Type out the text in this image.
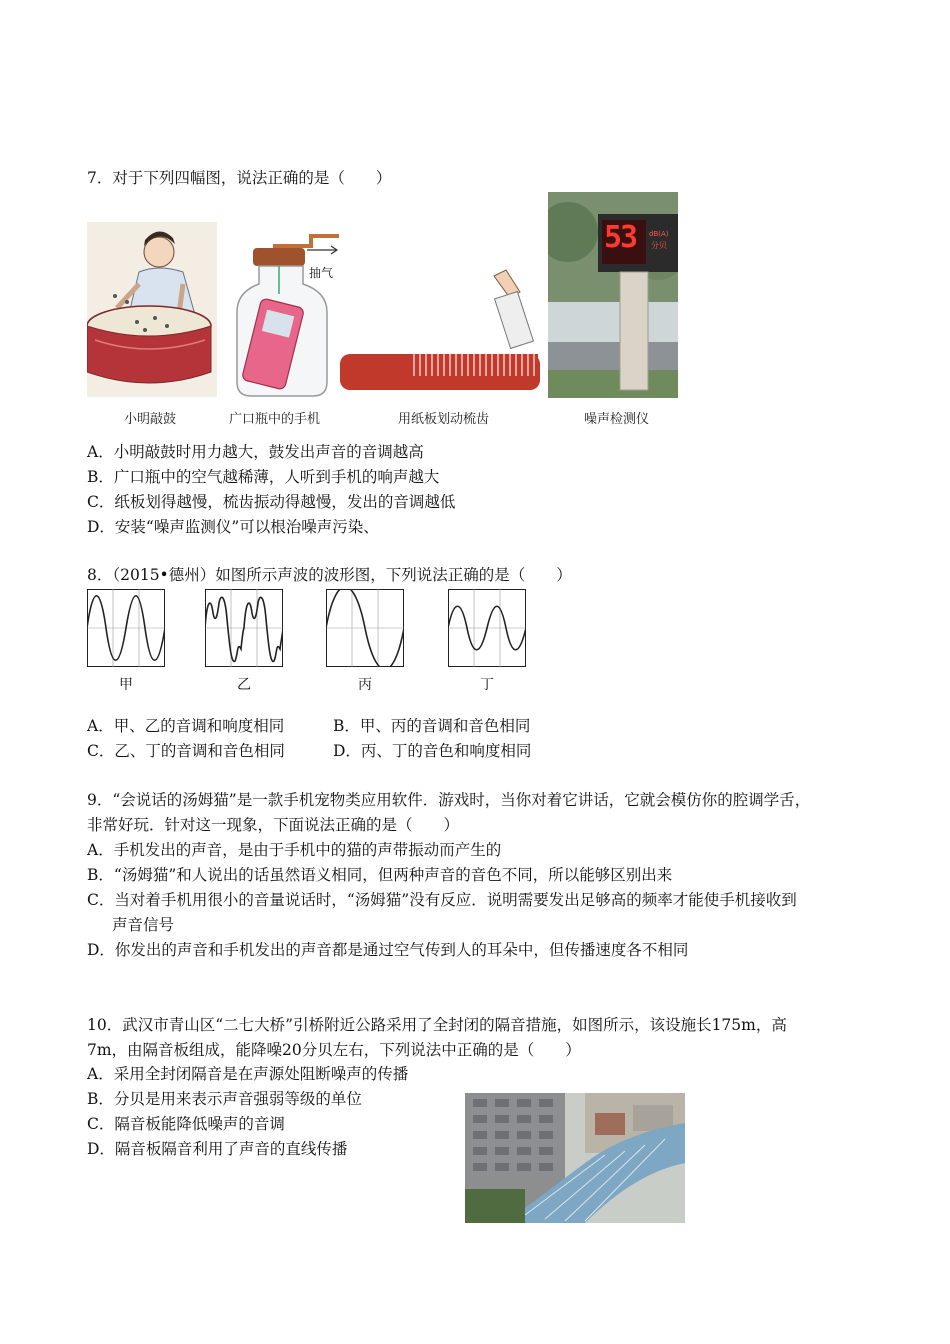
7．对于下列四幅图，说法正确的是（　　）
小明敲鼓
抽气
广口瓶中的手机	用纸板划动梳齿
53 dB(A)
分贝
噪声检测仪
A．小明敲鼓时用力越大，鼓发出声音的音调越高
B．广口瓶中的空气越稀薄，人听到手机的响声越大
C．纸板划得越慢，梳齿振动得越慢，发出的音调越低
D．安装“噪声监测仪”可以根治噪声污染、
8．（2015•德州）如图所示声波的波形图，下列说法正确的是（　　）
甲	乙	丙	丁
A．甲、乙的音调和响度相同	B．甲、丙的音调和音色相同
C．乙、丁的音调和音色相同	D．丙、丁的音色和响度相同
9．“会说话的汤姆猫”是一款手机宠物类应用软件．游戏时，当你对着它讲话，它就会模仿你的腔调学舌，
非常好玩．针对这一现象，下面说法正确的是（　　）
A．手机发出的声音，是由于手机中的猫的声带振动而产生的
B．“汤姆猫”和人说出的话虽然语义相同，但两种声音的音色不同，所以能够区别出来
C．当对着手机用很小的音量说话时，“汤姆猫”没有反应．说明需要发出足够高的频率才能使手机接收到
声音信号
D．你发出的声音和手机发出的声音都是通过空气传到人的耳朵中，但传播速度各不相同
10．武汉市青山区“二七大桥”引桥附近公路采用了全封闭的隔音措施，如图所示，该设施长175m，高
7m，由隔音板组成，能降噪20分贝左右，下列说法中正确的是（　　）
A．采用全封闭隔音是在声源处阻断噪声的传播
B．分贝是用来表示声音强弱等级的单位
C．隔音板能降低噪声的音调
D．隔音板隔音利用了声音的直线传播
